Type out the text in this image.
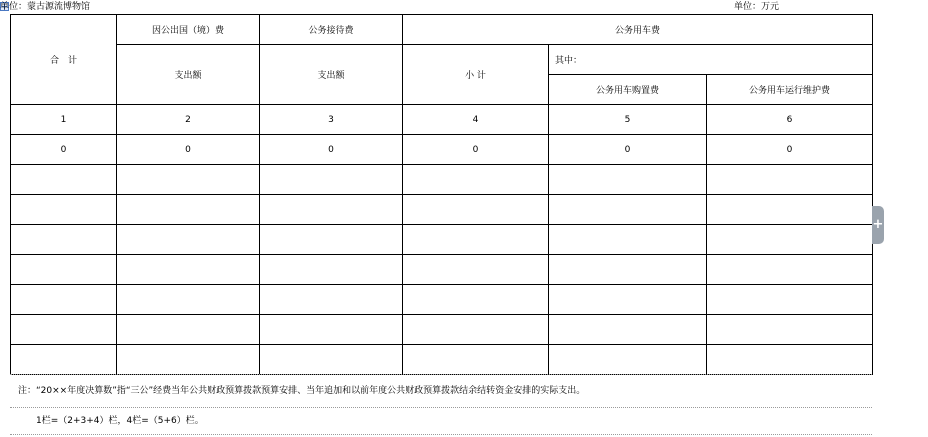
单位：蒙古源流博物馆	单位：万元
合　计	因公出国（境）费	公务接待费	公务用车费		
	支出额	支出额	小 计	其中：	
				公务用车购置费	公务用车运行维护费
1	2	3	4	5	6
0	0	0	0	0	0

注：“20××年度决算数”指“三公”经费当年公共财政预算拨款预算安排、当年追加和以前年度公共财政预算拨款结余结转资金安排的实际支出。
1栏=（2+3+4）栏，4栏=（5+6）栏。
+
